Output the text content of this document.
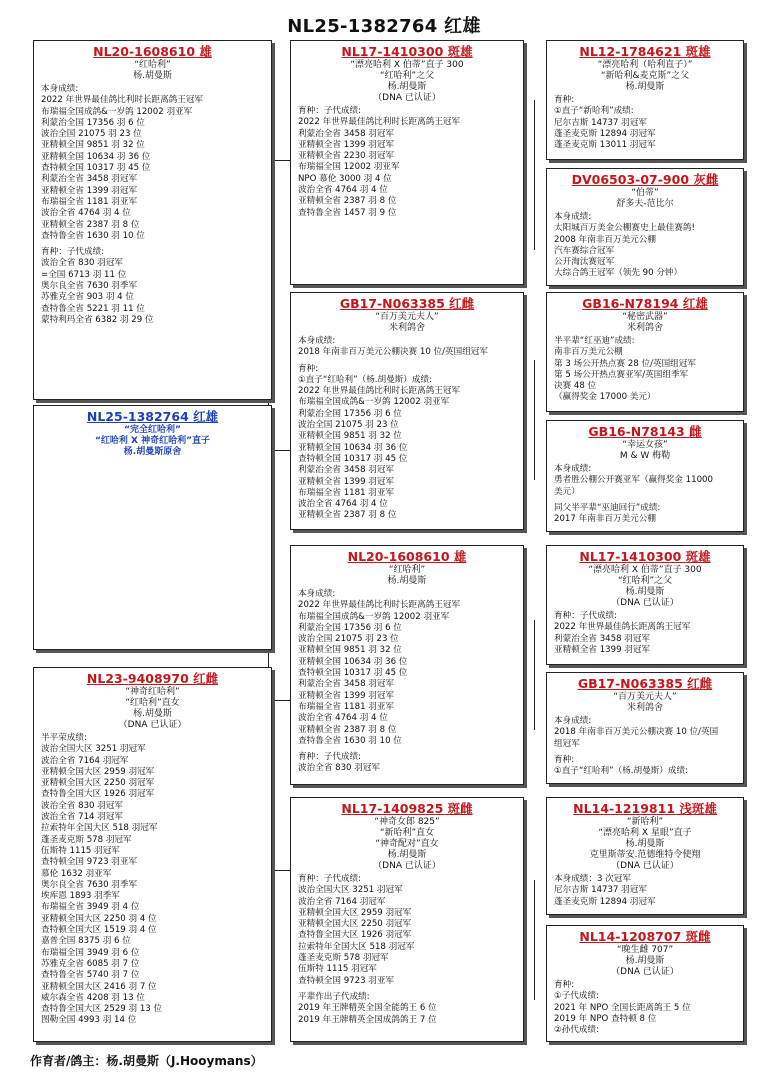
NL25-1382764 红雄
NL20-1608610 雄
“红哈利”
杨.胡曼斯
本身成绩:
2022 年世界最佳鸽比利时长距离鸽王冠军
布瑞福全国成鸽&一岁鸽 12002 羽亚军
利蒙治全国 17356 羽 6 位
波治全国 21075 羽 23 位
亚精顿全国 9851 羽 32 位
亚精顿全国 10634 羽 36 位
查特顿全国 10317 羽 45 位
利蒙治全省 3458 羽冠军
亚精顿全省 1399 羽冠军
布瑞福全省 1181 羽亚军
波治全省 4764 羽 4 位
亚精顿全省 2387 羽 8 位
查特鲁全省 1630 羽 10 位
育种：子代成绩:
波治全省 830 羽冠军
=全国 6713 羽 11 位
奥尔良全省 7630 羽季军
苏雅克全省 903 羽 4 位
查特鲁全省 5221 羽 11 位
蒙特利玛全省 6382 羽 29 位
NL25-1382764 红雄
“完全红哈利”
“红哈利 X 神奇红哈利”直子
杨.胡曼斯原舍
NL23-9408970 红雌
“神奇红哈利”
“红哈利”直女
杨.胡曼斯
（DNA 已认证）
半平荣成绩:
波治全国大区 3251 羽冠军
波治全省 7164 羽冠军
亚精顿全国大区 2959 羽冠军
亚精顿全国大区 2250 羽冠军
查特鲁全国大区 1926 羽冠军
波治全省 830 羽冠军
波治全省 714 羽冠军
拉索特年全国大区 518 羽冠军
蓬圣麦克斯 578 羽冠军
伍斯特 1115 羽冠军
查特顿全国 9723 羽亚军
慕伦 1632 羽亚军
奥尔良全省 7630 羽季军
埃库恩 1893 羽季军
布瑞福全省 3949 羽 4 位
亚精顿全国大区 2250 羽 4 位
查特顿全国大区 1519 羽 4 位
嘉普全国 8375 羽 6 位
布瑞福全国 3949 羽 6 位
苏雅克全省 6085 羽 7 位
查特鲁全省 5740 羽 7 位
亚精顿全国大区 2416 羽 7 位
威尔森全省 4208 羽 13 位
查特鲁全国大区 2529 羽 13 位
图勒全国 4993 羽 14 位
NL17-1410300 斑雄
“漂亮哈利 X 伯蒂”直子 300
“红哈利”之父
杨.胡曼斯
（DNA 已认证）
育种：子代成绩:
2022 年世界最佳鸽比利时长距离鸽王冠军
利蒙治全省 3458 羽冠军
亚精顿全省 1399 羽冠军
亚精顿全省 2230 羽冠军
布瑞福全国 12002 羽亚军
NPO 慕伦 3000 羽 4 位
波治全省 4764 羽 4 位
亚精顿全省 2387 羽 8 位
查特鲁全省 1457 羽 9 位
GB17-N063385 红雌
“百万美元夫人”
米利鸽舍
本身成绩:
2018 年南非百万美元公棚决赛 10 位/英国组冠军
育种:
①直子“红哈利”（杨.胡曼斯）成绩:
2022 年世界最佳鸽比利时长距离鸽王冠军
布瑞福全国成鸽&一岁鸽 12002 羽亚军
利蒙治全国 17356 羽 6 位
波治全国 21075 羽 23 位
亚精顿全国 9851 羽 32 位
亚精顿全国 10634 羽 36 位
查特顿全国 10317 羽 45 位
利蒙治全省 3458 羽冠军
亚精顿全省 1399 羽冠军
布瑞福全省 1181 羽亚军
波治全省 4764 羽 4 位
亚精顿全省 2387 羽 8 位
NL20-1608610 雄
“红哈利”
杨.胡曼斯
本身成绩:
2022 年世界最佳鸽比利时长距离鸽王冠军
布瑞福全国成鸽&一岁鸽 12002 羽亚军
利蒙治全国 17356 羽 6 位
波治全国 21075 羽 23 位
亚精顿全国 9851 羽 32 位
亚精顿全国 10634 羽 36 位
查特顿全国 10317 羽 45 位
利蒙治全省 3458 羽冠军
亚精顿全省 1399 羽冠军
布瑞福全省 1181 羽亚军
波治全省 4764 羽 4 位
亚精顿全省 2387 羽 8 位
查特鲁全省 1630 羽 10 位
育种：子代成绩:
波治全省 830 羽冠军
NL17-1409825 斑雌
“神奇女郎 825”
“新哈利”直女
“神奇配对”直女
杨.胡曼斯
（DNA 已认证）
育种：子代成绩:
波治全国大区 3251 羽冠军
波治全省 7164 羽冠军
亚精顿全国大区 2959 羽冠军
亚精顿全国大区 2250 羽冠军
查特鲁全国大区 1926 羽冠军
拉索特年全国大区 518 羽冠军
蓬圣麦克斯 578 羽冠军
伍斯特 1115 羽冠军
查特顿全国 9723 羽亚军
平辈作出子代成绩:
2019 年王牌精英全国全能鸽王 6 位
2019 年王牌精英全国成鸽鸽王 7 位
NL12-1784621 斑雄
“漂亮哈利（哈利直子）”
“新哈利&麦克斯”之父
杨.胡曼斯
育种:
①直子“新哈利”成绩:
尼尔吉斯 14737 羽冠军
蓬圣麦克斯 12894 羽冠军
蓬圣麦克斯 13011 羽冠军
DV06503-07-900 灰雌
“伯蒂”
舒多夫-范比尔
本身成绩:
太阳城百万美金公棚赛史上最佳赛鸽!
2008 年南非百万美元公棚
汽车赛综合冠军
公开淘汰赛冠军
大综合鸽王冠军（领先 90 分钟）
GB16-N78194 红雄
“秘密武器”
米利鸽舍
半平辈“红巫迪”成绩:
南非百万美元公棚
第 3 场公开热点赛 28 位/英国组冠军
第 5 场公开热点赛亚军/英国组季军
决赛 48 位
（赢得奖金 17000 美元）
GB16-N78143 雌
“幸运女孩”
M & W 梅勒
本身成绩:
勇者胜公棚公开赛亚军（赢得奖金 11000
美元）
同父半平辈“巫迪回行”成绩:
2017 年南非百万美元公棚
NL17-1410300 斑雄
“漂亮哈利 X 伯蒂”直子 300
“红哈利”之父
杨.胡曼斯
（DNA 已认证）
育种：子代成绩:
2022 年世界最佳鸽长距离鸽王冠军
利蒙治全省 3458 羽冠军
亚精顿全省 1399 羽冠军
GB17-N063385 红雌
“百万美元夫人”
米利鸽舍
本身成绩:
2018 年南非百万美元公棚决赛 10 位/英国
组冠军
育种:
①直子“红哈利”（杨.胡曼斯）成绩:
NL14-1219811 浅斑雄
“新哈利”
“漂亮哈利 X 星眼”直子
杨.胡曼斯
克里斯蒂安.范德维特令使翔
（DNA 已认证）
本身成绩：3 次冠军
尼尔吉斯 14737 羽冠军
蓬圣麦克斯 12894 羽冠军
NL14-1208707 斑雌
“晚生雌 707”
杨.胡曼斯
（DNA 已认证）
育种:
①子代成绩:
2021 年 NPO 全国长距离鸽王 5 位
2019 年 NPO 查特顿 8 位
②孙代成绩:
作育者/鸽主：杨.胡曼斯（J.Hooymans）
